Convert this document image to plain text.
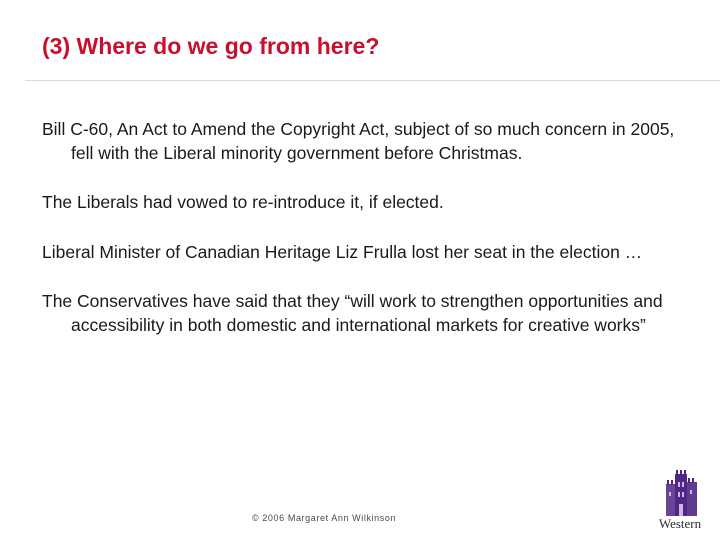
(3) Where do we go from here?
Bill C-60, An Act to Amend the Copyright Act, subject of so much concern in 2005, fell with the Liberal minority government before Christmas.
The Liberals had vowed to re-introduce it, if elected.
Liberal Minister of Canadian Heritage Liz Frulla lost her seat in the election …
The Conservatives have said that they “will work to strengthen opportunities and accessibility in both domestic and international markets for creative works”
© 2006 Margaret Ann Wilkinson	Western
